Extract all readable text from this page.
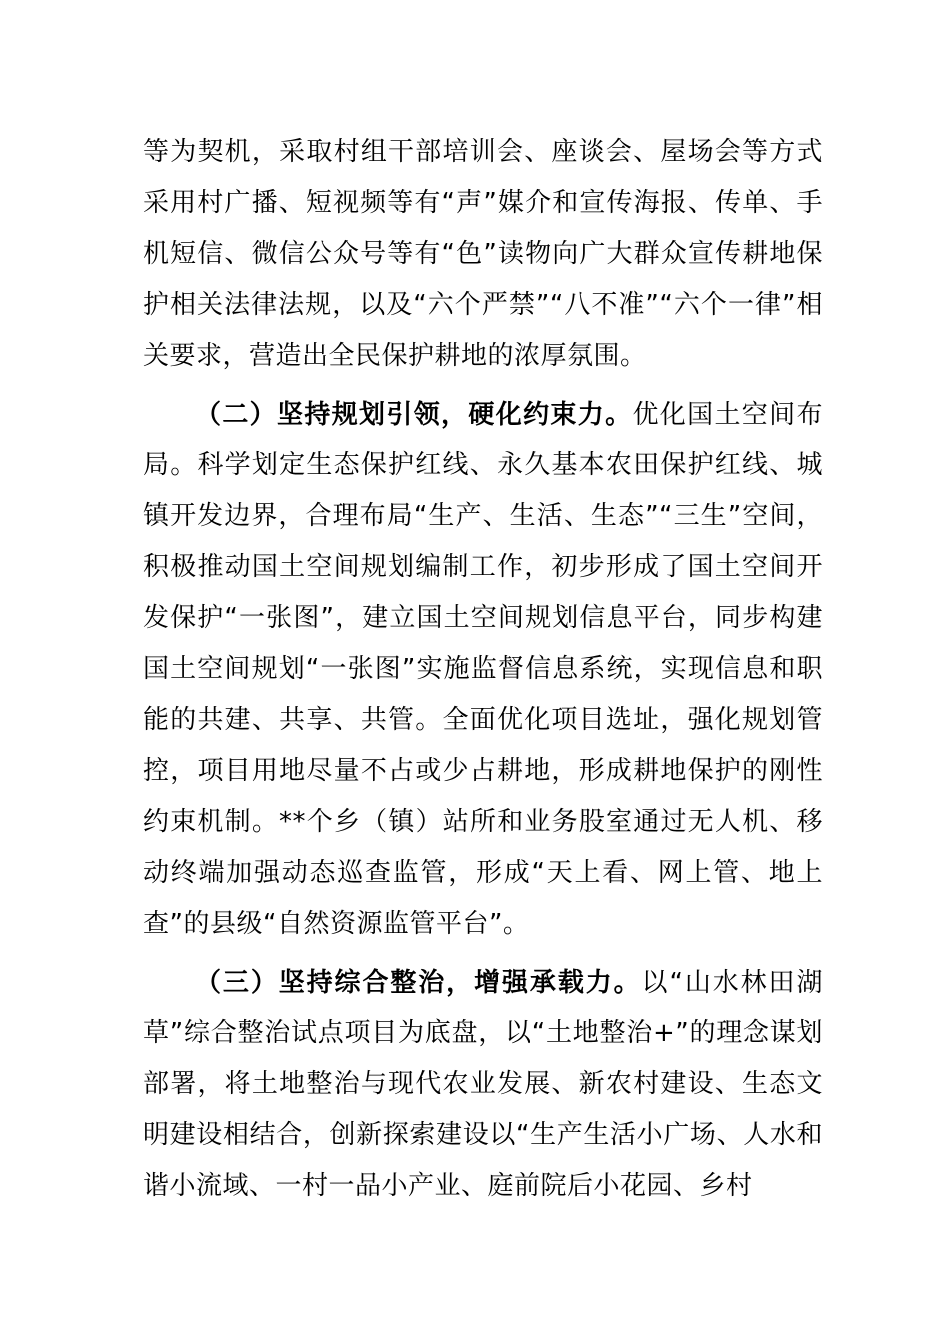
等为契机，采取村组干部培训会、座谈会、屋场会等方式采用村广播、短视频等有“声”媒介和宣传海报、传单、手机短信、微信公众号等有“色”读物向广大群众宣传耕地保护相关法律法规，以及“六个严禁”“八不准”“六个一律”相关要求，营造出全民保护耕地的浓厚氛围。

（二）坚持规划引领，硬化约束力。优化国土空间布局。科学划定生态保护红线、永久基本农田保护红线、城镇开发边界，合理布局“生产、生活、生态”“三生”空间，积极推动国土空间规划编制工作，初步形成了国土空间开发保护“一张图”，建立国土空间规划信息平台，同步构建国土空间规划“一张图”实施监督信息系统，实现信息和职能的共建、共享、共管。全面优化项目选址，强化规划管控，项目用地尽量不占或少占耕地，形成耕地保护的刚性约束机制。**个乡（镇）站所和业务股室通过无人机、移动终端加强动态巡查监管，形成“天上看、网上管、地上查”的县级“自然资源监管平台”。

（三）坚持综合整治，增强承载力。以“山水林田湖草”综合整治试点项目为底盘，以“土地整治+”的理念谋划部署，将土地整治与现代农业发展、新农村建设、生态文明建设相结合，创新探索建设以“生产生活小广场、人水和谐小流域、一村一品小产业、庭前院后小花园、乡村
